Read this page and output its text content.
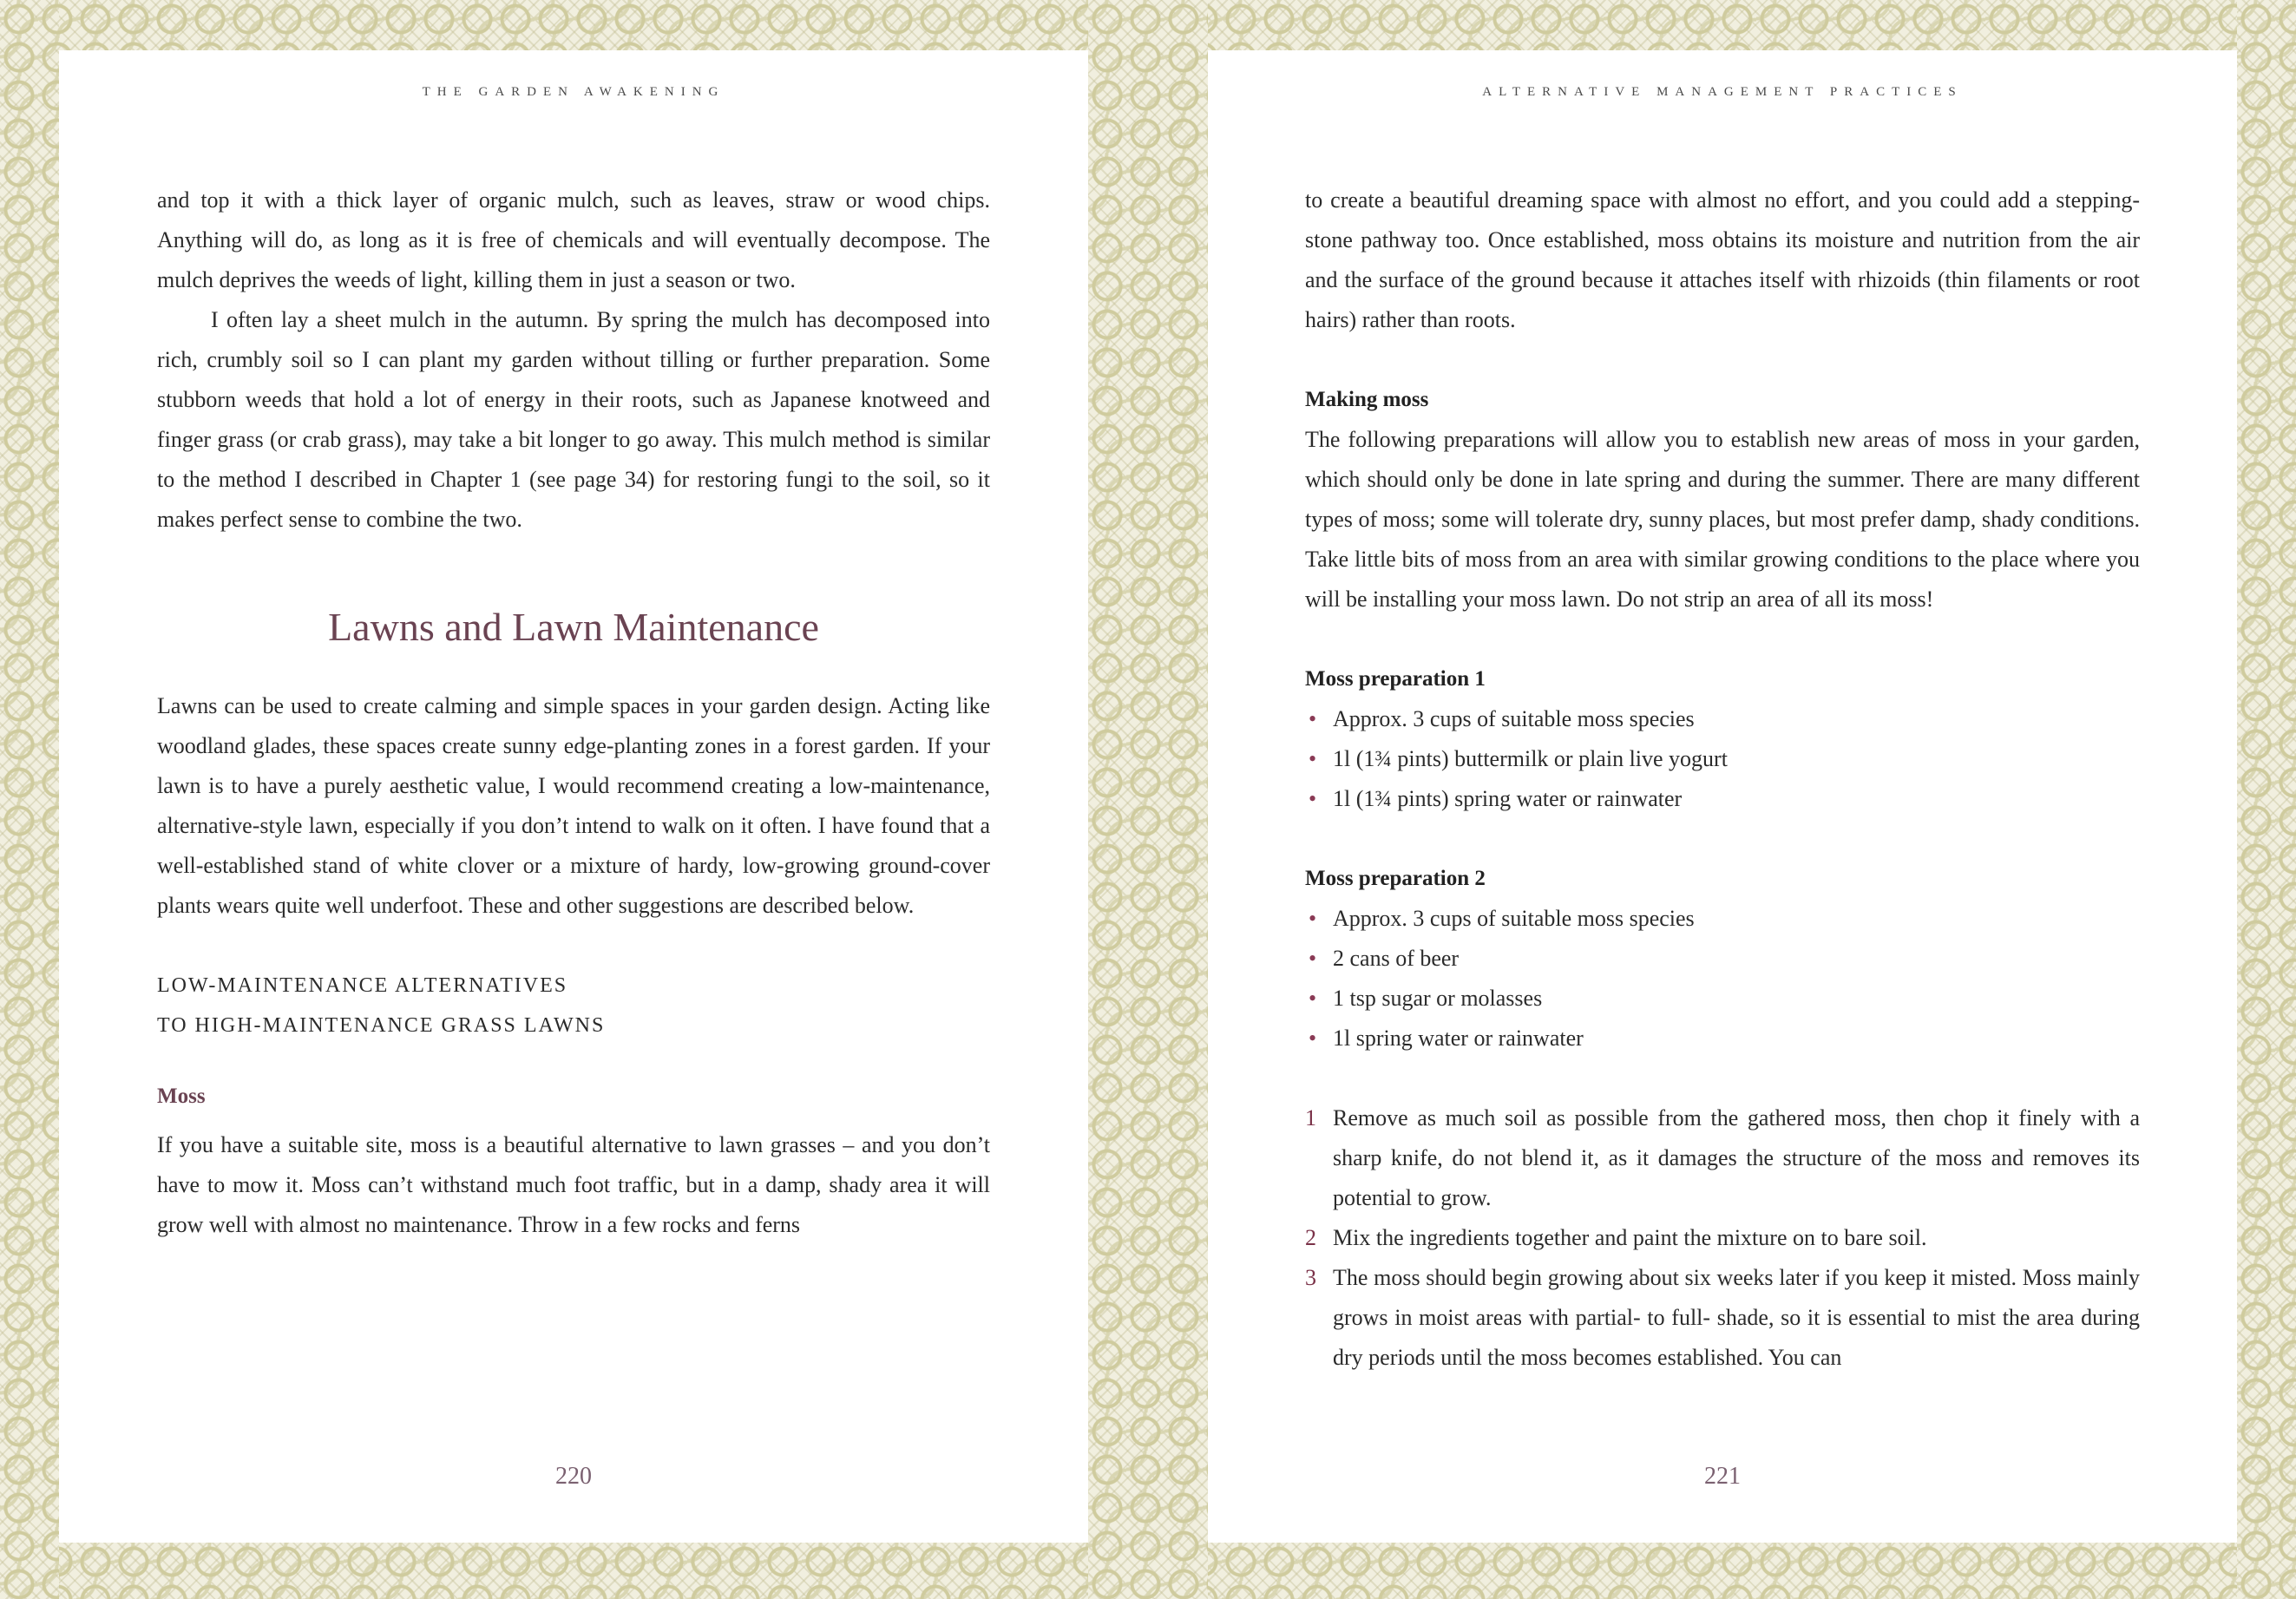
THE GARDEN AWAKENING

and top it with a thick layer of organic mulch, such as leaves, straw or wood chips. Anything will do, as long as it is free of chemicals and will eventually decompose. The mulch deprives the weeds of light, killing them in just a season or two.

I often lay a sheet mulch in the autumn. By spring the mulch has decomposed into rich, crumbly soil so I can plant my garden without tilling or further preparation. Some stubborn weeds that hold a lot of energy in their roots, such as Japanese knotweed and finger grass (or crab grass), may take a bit longer to go away. This mulch method is similar to the method I described in Chapter 1 (see page 34) for restoring fungi to the soil, so it makes perfect sense to combine the two.

Lawns and Lawn Maintenance

Lawns can be used to create calming and simple spaces in your garden design. Acting like woodland glades, these spaces create sunny edge-planting zones in a forest garden. If your lawn is to have a purely aesthetic value, I would recommend creating a low-maintenance, alternative-style lawn, especially if you don’t intend to walk on it often. I have found that a well-established stand of white clover or a mixture of hardy, low-growing ground-cover plants wears quite well underfoot. These and other suggestions are described below.

LOW-MAINTENANCE ALTERNATIVES
TO HIGH-MAINTENANCE GRASS LAWNS
Moss

If you have a suitable site, moss is a beautiful alternative to lawn grasses – and you don’t have to mow it. Moss can’t withstand much foot traffic, but in a damp, shady area it will grow well with almost no maintenance. Throw in a few rocks and ferns

220
ALTERNATIVE MANAGEMENT PRACTICES

to create a beautiful dreaming space with almost no effort, and you could add a stepping-stone pathway too. Once established, moss obtains its moisture and nutrition from the air and the surface of the ground because it attaches itself with rhizoids (thin filaments or root hairs) rather than roots.

Making moss

The following preparations will allow you to establish new areas of moss in your garden, which should only be done in late spring and during the summer. There are many different types of moss; some will tolerate dry, sunny places, but most prefer damp, shady conditions. Take little bits of moss from an area with similar growing conditions to the place where you will be installing your moss lawn. Do not strip an area of all its moss!

Moss preparation 1
• Approx. 3 cups of suitable moss species
• 1l (1¾ pints) buttermilk or plain live yogurt
• 1l (1¾ pints) spring water or rainwater
Moss preparation 2
• Approx. 3 cups of suitable moss species
• 2 cans of beer
• 1 tsp sugar or molasses
• 1l spring water or rainwater
1 Remove as much soil as possible from the gathered moss, then chop it finely with a sharp knife, do not blend it, as it damages the structure of the moss and removes its potential to grow.
2 Mix the ingredients together and paint the mixture on to bare soil.
3 The moss should begin growing about six weeks later if you keep it misted. Moss mainly grows in moist areas with partial- to full- shade, so it is essential to mist the area during dry periods until the moss becomes established. You can
221
